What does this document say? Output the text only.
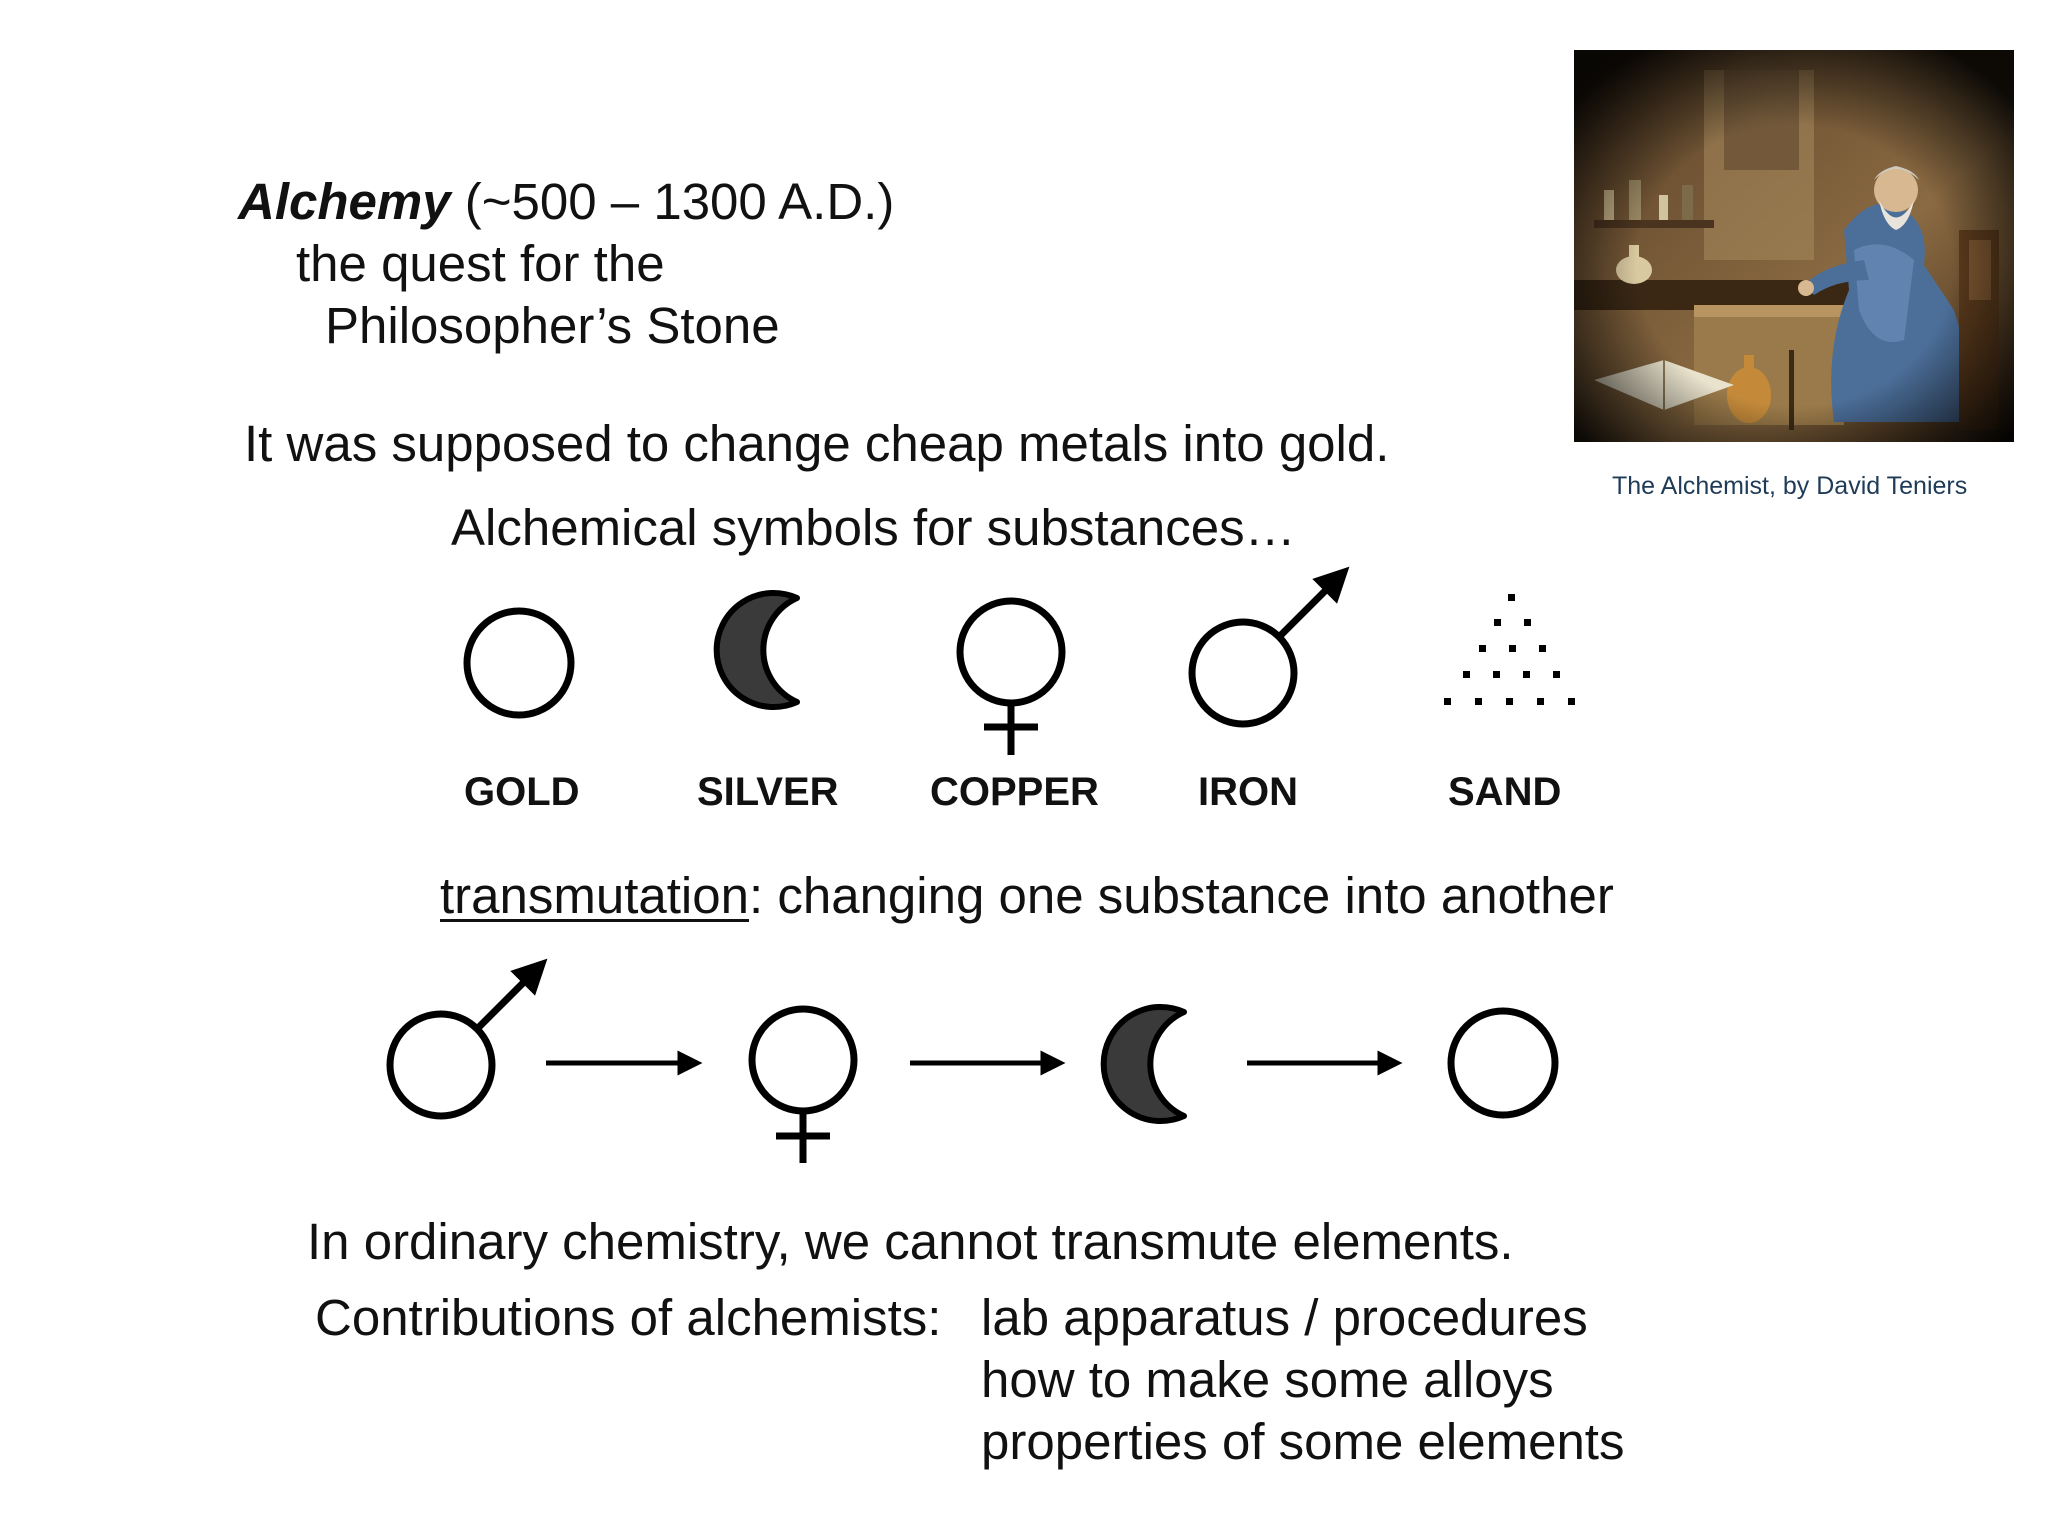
Alchemy (~500 – 1300 A.D.)
the quest for the
Philosopher’s Stone
It was supposed to change cheap metals into gold.
The Alchemist, by David Teniers
Alchemical symbols for substances…
GOLD	SILVER COPPER IRON	SAND
transmutation: changing one substance into another
In ordinary chemistry, we cannot transmute elements.
Contributions of alchemists: lab apparatus / procedures
how to make some alloys
properties of some elements
